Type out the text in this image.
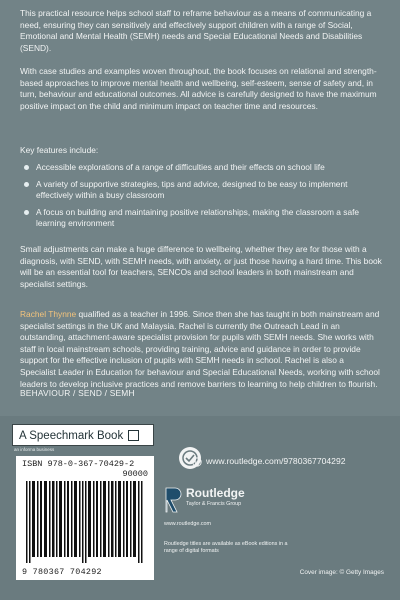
This practical resource helps school staff to reframe behaviour as a means of communicating a need, ensuring they can sensitively and effectively support children with a range of Social, Emotional and Mental Health (SEMH) needs and Special Educational Needs and Disabilities (SEND).

With case studies and examples woven throughout, the book focuses on relational and strength-based approaches to improve mental health and wellbeing, self-esteem, sense of safety and, in turn, behaviour and educational outcomes. All advice is carefully designed to have the maximum positive impact on the child and minimum impact on teacher time and resources.

Key features include:

Accessible explorations of a range of difficulties and their effects on school life
A variety of supportive strategies, tips and advice, designed to be easy to implement effectively within a busy classroom
A focus on building and maintaining positive relationships, making the classroom a safe learning environment

Small adjustments can make a huge difference to wellbeing, whether they are for those with a diagnosis, with SEND, with SEMH needs, with anxiety, or just those having a hard time. This book will be an essential tool for teachers, SENCOs and school leaders in both mainstream and specialist settings.

Rachel Thynne qualified as a teacher in 1996. Since then she has taught in both mainstream and specialist settings in the UK and Malaysia. Rachel is currently the Outreach Lead in an outstanding, attachment-aware specialist provision for pupils with SEMH needs. She works with staff in local mainstream schools, providing training, advice and guidance in order to provide support for the effective inclusion of pupils with SEMH needs in school. Rachel is also a Specialist Leader in Education for behaviour and Special Educational Needs, working with school leaders to develop inclusive practices and remove barriers to learning to help children to flourish.

BEHAVIOUR / SEND / SEMH

A Speechmark Book
an informa business
ISBN 978-0-367-70429-2
90000
9 780367 704292
www.routledge.com/9780367704292
Routledge
Taylor & Francis Group
www.routledge.com
Routledge titles are available as eBook editions in a range of digital formats
Cover image: © Getty Images
